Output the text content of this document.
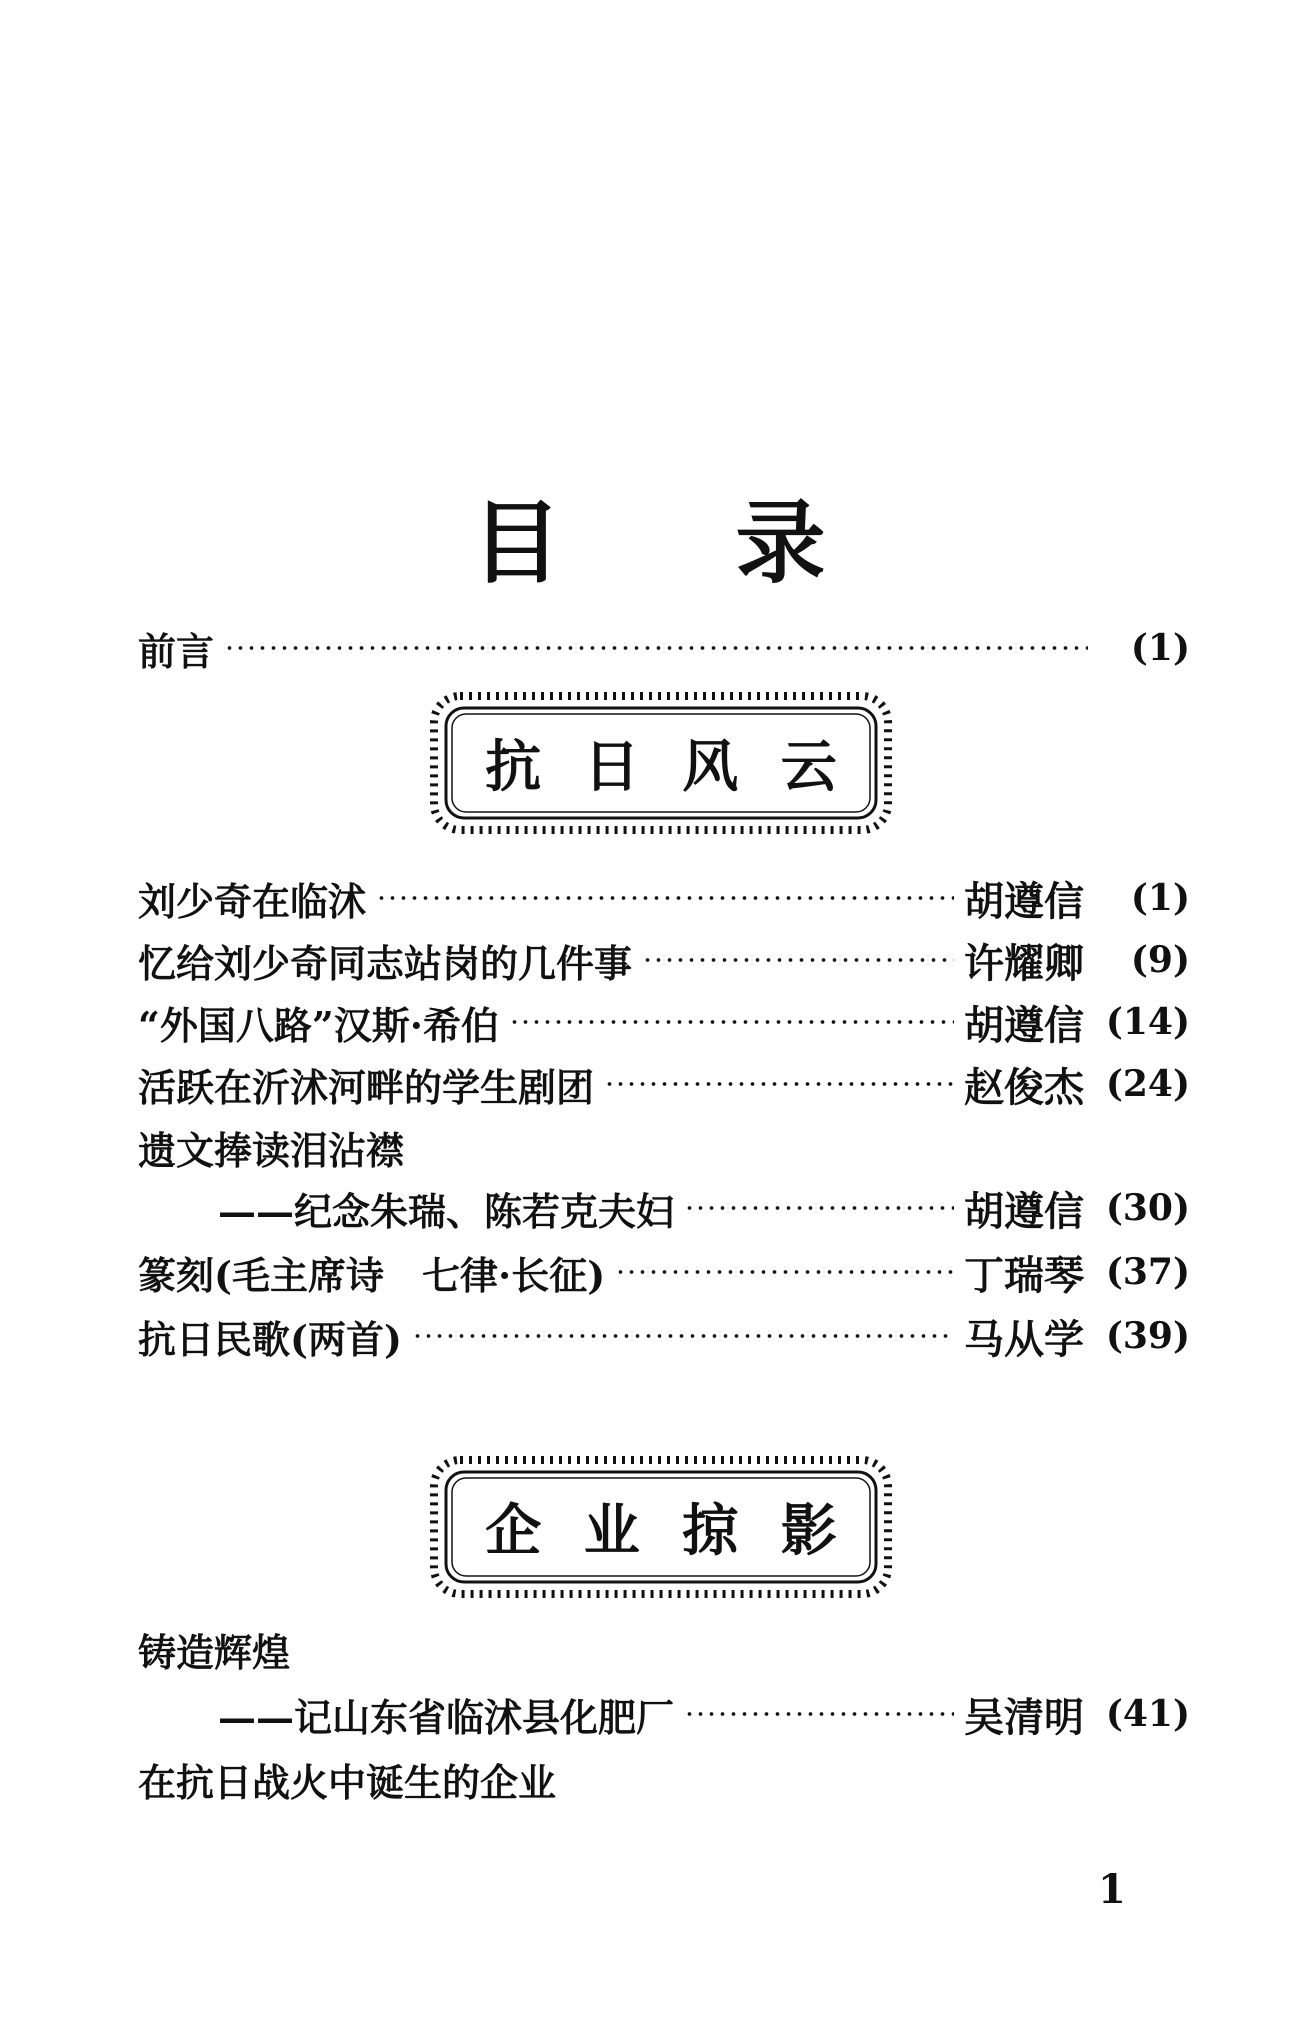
目 录
前言	(1)
抗 日 风 云
刘少奇在临沭	胡遵信	(1)
忆给刘少奇同志站岗的几件事	许耀卿	(9)
“外国八路”汉斯·希伯	胡遵信 (14)
活跃在沂沭河畔的学生剧团	赵俊杰 (24)
遗文捧读泪沾襟
——纪念朱瑞、陈若克夫妇	胡遵信 (30)
篆刻(毛主席诗　七律·长征)	丁瑞琴 (37)
抗日民歌(两首)	马从学 (39)
企 业 掠 影
铸造辉煌
——记山东省临沭县化肥厂	吴清明 (41)
在抗日战火中诞生的企业
1
